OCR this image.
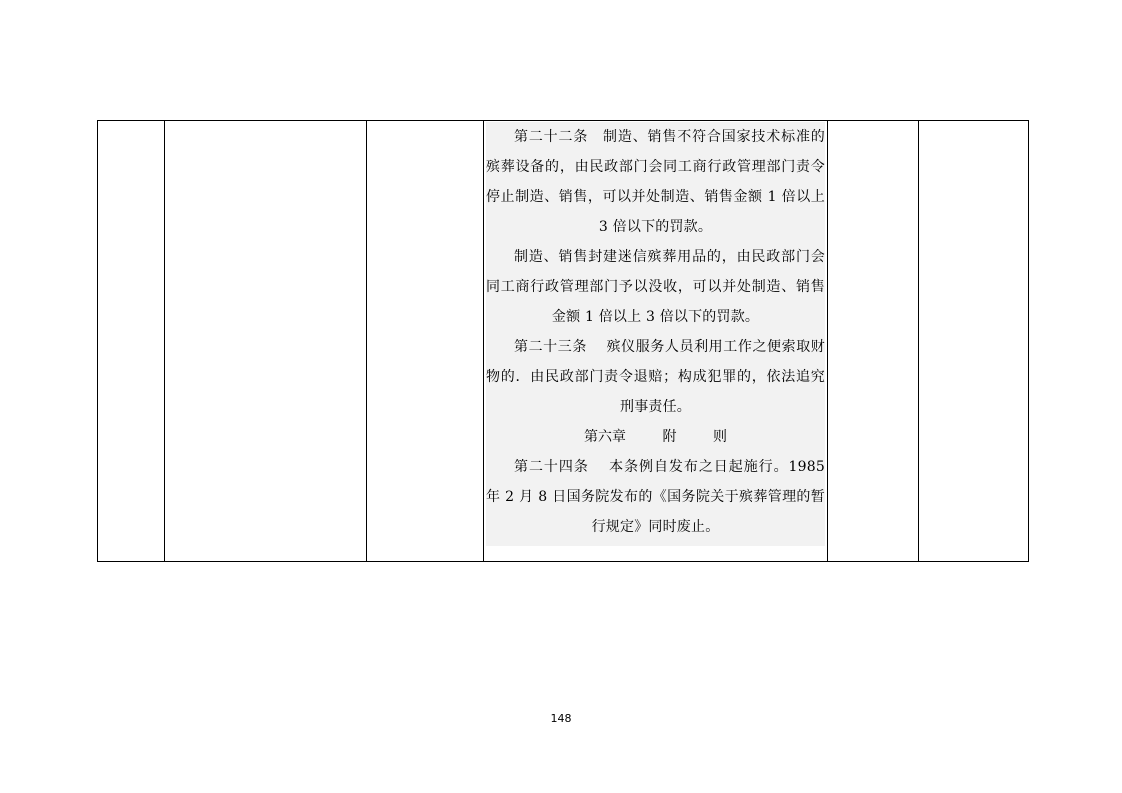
第二十二条　制造、销售不符合国家技术标准的殡葬设备的，由民政部门会同工商行政管理部门责令停止制造、销售，可以并处制造、销售金额 1 倍以上 3 倍以下的罚款。

制造、销售封建迷信殡葬用品的，由民政部门会同工商行政管理部门予以没收，可以并处制造、销售金额 1 倍以上 3 倍以下的罚款。

第二十三条　 殡仪服务人员利用工作之便索取财物的．由民政部门责令退赔；构成犯罪的，依法追究刑事责任。

第六章　 附　 则

第二十四条　 本条例自发布之日起施行。1985 年 2 月 8 日国务院发布的《国务院关于殡葬管理的暂行规定》同时废止。

148
